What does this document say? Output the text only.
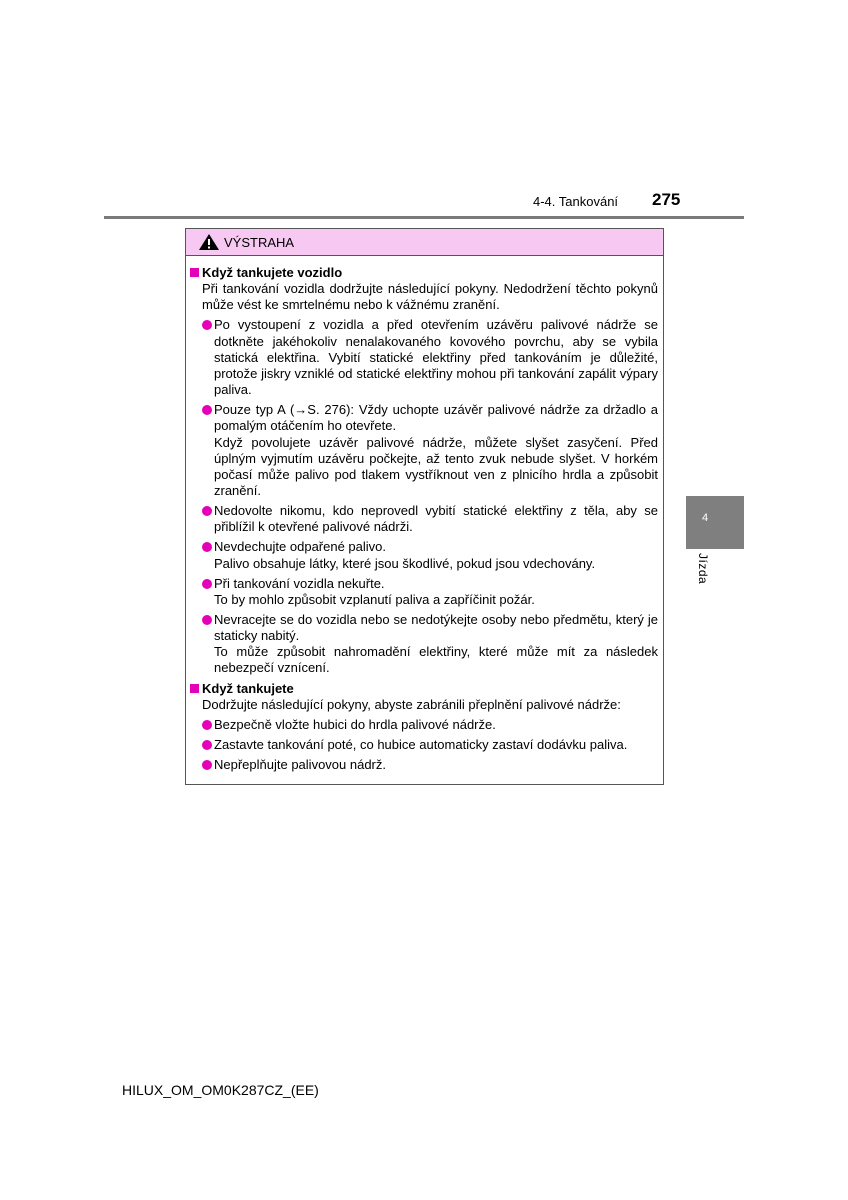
4-4. Tankování 275
4
Jízda
VÝSTRAHA
Když tankujete vozidlo
Při tankování vozidla dodržujte následující pokyny. Nedodržení těchto pokynů může vést ke smrtelnému nebo k vážnému zranění.
Po vystoupení z vozidla a před otevřením uzávěru palivové nádrže se dotkněte jakéhokoliv nenalakovaného kovového povrchu, aby se vybila statická elektřina. Vybití statické elektřiny před tankováním je důležité, protože jiskry vzniklé od statické elektřiny mohou při tankování zapálit výpary paliva.
Pouze typ A (→S. 276): Vždy uchopte uzávěr palivové nádrže za držadlo a pomalým otáčením ho otevřete.
Když povolujete uzávěr palivové nádrže, můžete slyšet zasyčení. Před úplným vyjmutím uzávěru počkejte, až tento zvuk nebude slyšet. V horkém počasí může palivo pod tlakem vystříknout ven z plnicího hrdla a způsobit zranění.
Nedovolte nikomu, kdo neprovedl vybití statické elektřiny z těla, aby se přiblížil k otevřené palivové nádrži.
Nevdechujte odpařené palivo.
Palivo obsahuje látky, které jsou škodlivé, pokud jsou vdechovány.
Při tankování vozidla nekuřte.
To by mohlo způsobit vzplanutí paliva a zapříčinit požár.
Nevracejte se do vozidla nebo se nedotýkejte osoby nebo předmětu, který je staticky nabitý.
To může způsobit nahromadění elektřiny, které může mít za následek nebezpečí vznícení.
Když tankujete
Dodržujte následující pokyny, abyste zabránili přeplnění palivové nádrže:
Bezpečně vložte hubici do hrdla palivové nádrže.
Zastavte tankování poté, co hubice automaticky zastaví dodávku paliva.
Nepřeplňujte palivovou nádrž.
HILUX_OM_OM0K287CZ_(EE)
